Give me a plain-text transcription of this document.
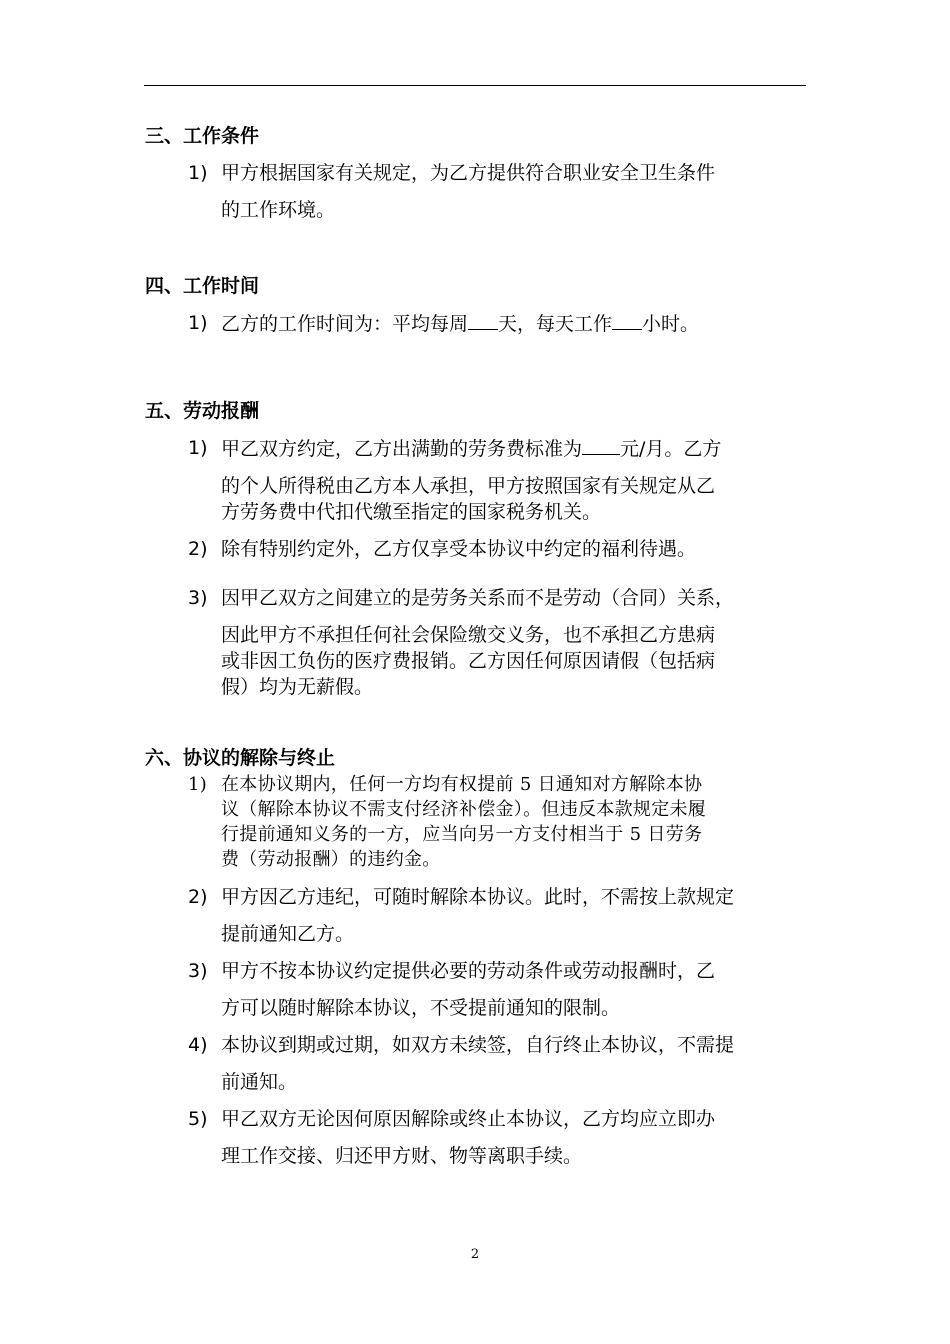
三、工作条件
1) 甲方根据国家有关规定，为乙方提供符合职业安全卫生条件
的工作环境。
四、工作时间
1) 乙方的工作时间为：平均每周 天，每天工作 小时。
五、劳动报酬
1) 甲乙双方约定，乙方出满勤的劳务费标准为 元/月。乙方
的个人所得税由乙方本人承担，甲方按照国家有关规定从乙
方劳务费中代扣代缴至指定的国家税务机关。
2) 除有特别约定外，乙方仅享受本协议中约定的福利待遇。
3) 因甲乙双方之间建立的是劳务关系而不是劳动（合同）关系，
因此甲方不承担任何社会保险缴交义务，也不承担乙方患病
或非因工负伤的医疗费报销。乙方因任何原因请假（包括病
假）均为无薪假。
六、协议的解除与终止
1) 在本协议期内，任何一方均有权提前 5 日通知对方解除本协
议（解除本协议不需支付经济补偿金）。但违反本款规定未履
行提前通知义务的一方，应当向另一方支付相当于 5 日劳务
费（劳动报酬）的违约金。
2) 甲方因乙方违纪，可随时解除本协议。此时，不需按上款规定
提前通知乙方。
3) 甲方不按本协议约定提供必要的劳动条件或劳动报酬时，乙
方可以随时解除本协议，不受提前通知的限制。
4) 本协议到期或过期，如双方未续签，自行终止本协议，不需提
前通知。
5) 甲乙双方无论因何原因解除或终止本协议，乙方均应立即办
理工作交接、归还甲方财、物等离职手续。
2
